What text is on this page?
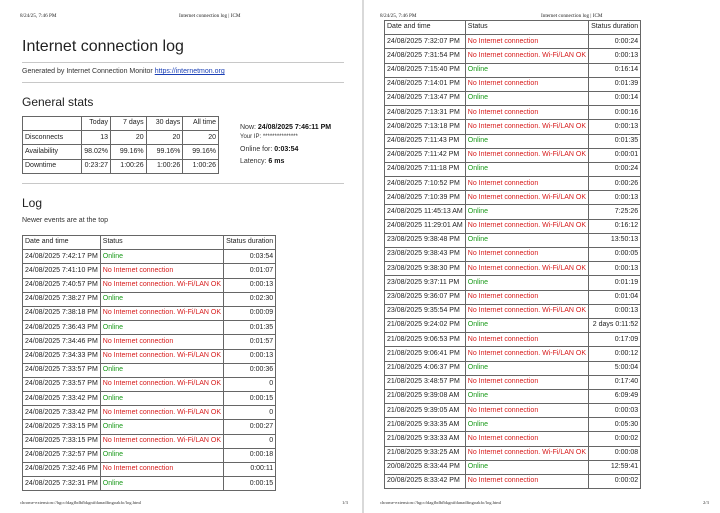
8/24/25, 7:46 PM	Internet connection log | ICM
Internet connection log
Generated by Internet Connection Monitor https://internetmon.org
General stats
	Today	7 days	30 days	All time
Disconnects	13	20	20	20
Availability	98.02%	99.16%	99.16%	99.16%
Downtime	0:23:27	1:00:26	1:00:26	1:00:26
Now: 24/08/2025 7:46:11 PM
Your IP: ***************
Online for: 0:03:54
Latency: 6 ms
Log
Newer events are at the top
Date and time	Status	Status duration
24/08/2025 7:42:17 PM	Online	0:03:54
24/08/2025 7:41:10 PM	No Internet connection	0:01:07
24/08/2025 7:40:57 PM	No Internet connection. Wi-Fi/LAN OK	0:00:13
24/08/2025 7:38:27 PM	Online	0:02:30
24/08/2025 7:38:18 PM	No Internet connection. Wi-Fi/LAN OK	0:00:09
24/08/2025 7:36:43 PM	Online	0:01:35
24/08/2025 7:34:46 PM	No Internet connection	0:01:57
24/08/2025 7:34:33 PM	No Internet connection. Wi-Fi/LAN OK	0:00:13
24/08/2025 7:33:57 PM	Online	0:00:36
24/08/2025 7:33:57 PM	No Internet connection. Wi-Fi/LAN OK	0
24/08/2025 7:33:42 PM	Online	0:00:15
24/08/2025 7:33:42 PM	No Internet connection. Wi-Fi/LAN OK	0
24/08/2025 7:33:15 PM	Online	0:00:27
24/08/2025 7:33:15 PM	No Internet connection. Wi-Fi/LAN OK	0
24/08/2025 7:32:57 PM	Online	0:00:18
24/08/2025 7:32:46 PM	No Internet connection	0:00:11
24/08/2025 7:32:31 PM	Online	0:00:15
chrome-extension://hgccfdagfbdbfbkgnifdanadfingoakfo/log.html	1/3
8/24/25, 7:46 PM	Internet connection log | ICM
Date and time	Status	Status duration
24/08/2025 7:32:07 PM	No Internet connection	0:00:24
24/08/2025 7:31:54 PM	No Internet connection. Wi-Fi/LAN OK	0:00:13
24/08/2025 7:15:40 PM	Online	0:16:14
24/08/2025 7:14:01 PM	No Internet connection	0:01:39
24/08/2025 7:13:47 PM	Online	0:00:14
24/08/2025 7:13:31 PM	No Internet connection	0:00:16
24/08/2025 7:13:18 PM	No Internet connection. Wi-Fi/LAN OK	0:00:13
24/08/2025 7:11:43 PM	Online	0:01:35
24/08/2025 7:11:42 PM	No Internet connection. Wi-Fi/LAN OK	0:00:01
24/08/2025 7:11:18 PM	Online	0:00:24
24/08/2025 7:10:52 PM	No Internet connection	0:00:26
24/08/2025 7:10:39 PM	No Internet connection. Wi-Fi/LAN OK	0:00:13
24/08/2025 11:45:13 AM	Online	7:25:26
24/08/2025 11:29:01 AM	No Internet connection. Wi-Fi/LAN OK	0:16:12
23/08/2025 9:38:48 PM	Online	13:50:13
23/08/2025 9:38:43 PM	No Internet connection	0:00:05
23/08/2025 9:38:30 PM	No Internet connection. Wi-Fi/LAN OK	0:00:13
23/08/2025 9:37:11 PM	Online	0:01:19
23/08/2025 9:36:07 PM	No Internet connection	0:01:04
23/08/2025 9:35:54 PM	No Internet connection. Wi-Fi/LAN OK	0:00:13
21/08/2025 9:24:02 PM	Online	2 days 0:11:52
21/08/2025 9:06:53 PM	No Internet connection	0:17:09
21/08/2025 9:06:41 PM	No Internet connection. Wi-Fi/LAN OK	0:00:12
21/08/2025 4:06:37 PM	Online	5:00:04
21/08/2025 3:48:57 PM	No Internet connection	0:17:40
21/08/2025 9:39:08 AM	Online	6:09:49
21/08/2025 9:39:05 AM	No Internet connection	0:00:03
21/08/2025 9:33:35 AM	Online	0:05:30
21/08/2025 9:33:33 AM	No Internet connection	0:00:02
21/08/2025 9:33:25 AM	No Internet connection. Wi-Fi/LAN OK	0:00:08
20/08/2025 8:33:44 PM	Online	12:59:41
20/08/2025 8:33:42 PM	No Internet connection	0:00:02
chrome-extension://hgccfdagfbdbfbkgnifdanadfingoakfo/log.html	2/3
